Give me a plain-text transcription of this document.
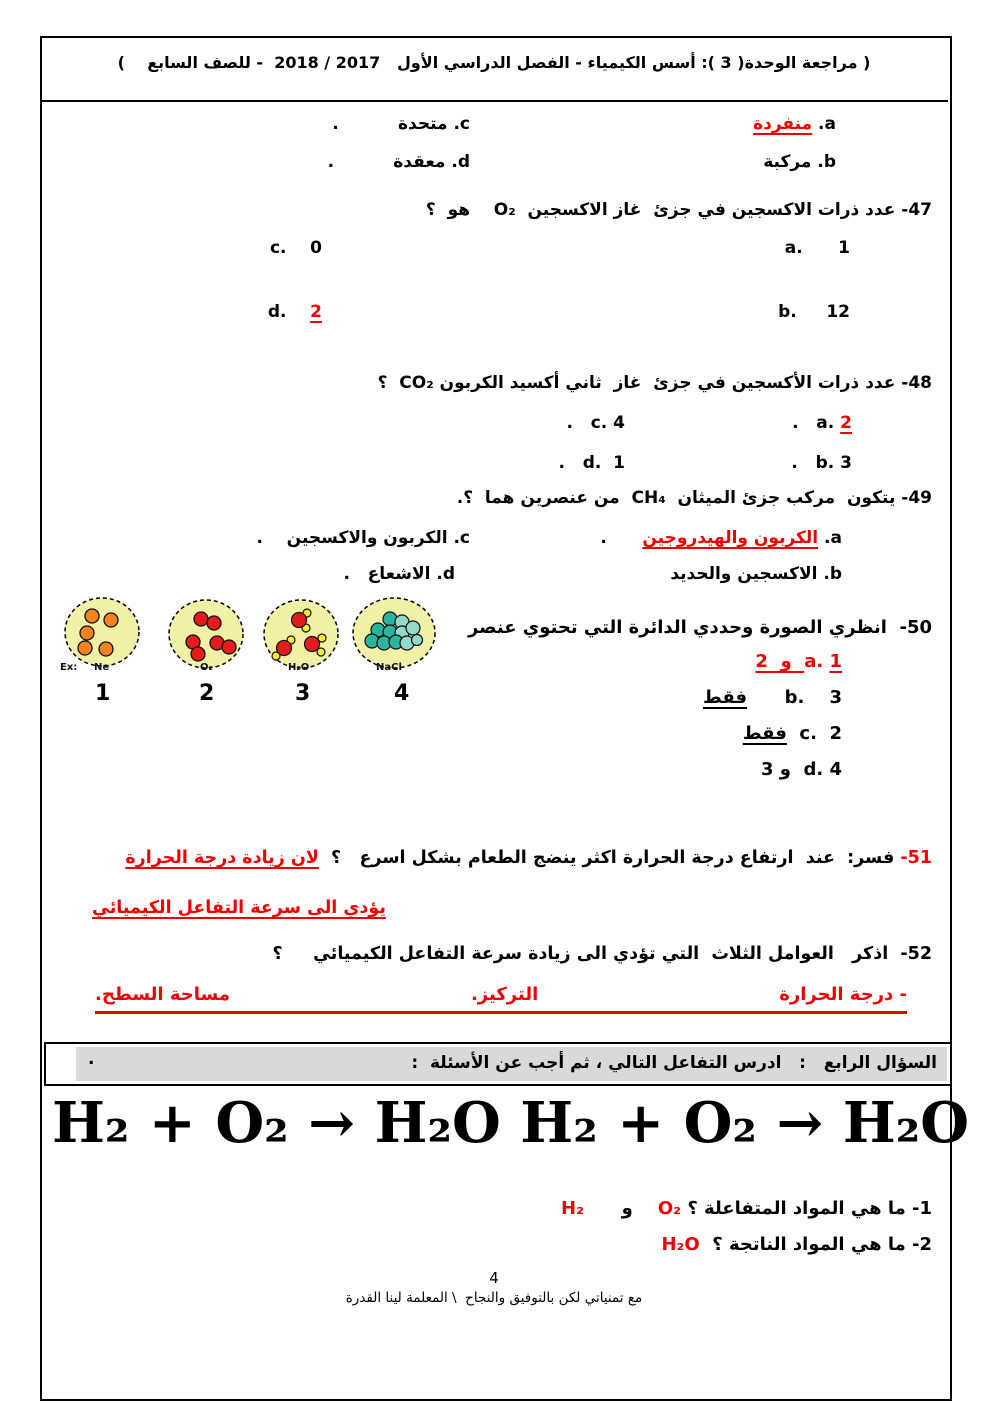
( مراجعة الوحدة( 3 ): أسس الكيمياء - الفصل الدراسي الأول   2017 / 2018  - للصف السابع    )
a. منفردة
c. متحدة          .
b. مركبة
d. معقدة          .
47- عدد ذرات الاكسجين في جزئ  غاز الاكسجين  O₂    هو  ؟
a.      1
c.    0
b.     12
d.    2
48- عدد ذرات الأكسجين في جزئ  غاز  ثاني أكسيد الكربون CO₂  ؟
a. 2   .
c. 4   .
b. 3   .
d.  1   .
49- يتكون  مركب جزئ الميثان  CH₄  من عنصرين هما  ؟.
a. الكربون والهيدروجين      .
c. الكربون والاكسجين    .
b. الاكسجين والحديد
d. الاشعاع   .
50-  انظري الصورة وحددي الدائرة التي تحتوي عنصر
a. 1  و  2
b.    3      فقط
c.  2  فقط
d. 4  و 3
Ex: Ne	O₂	H₂O	NaCl
1	2	3	4
51- فسر:  عند  ارتفاع درجة الحرارة اكثر ينضج الطعام بشكل اسرع   ؟  لان زيادة درجة الحرارة
يؤدي الى سرعة التفاعل الكيميائي
52-  اذكر   العوامل الثلاث  التي تؤدي الى زيادة سرعة التفاعل الكيميائي     ؟
- درجة الحرارة
التركيز.
مساحة السطح.
السؤال الرابع   :   ادرس التفاعل التالي ، ثم أجب عن الأسئلة  :
.
H₂ + O₂ → H₂O H₂ + O₂ → H₂O
1- ما هي المواد المتفاعلة ؟ O₂    و      H₂
2- ما هي المواد الناتجة ؟  H₂O
4
مع تمنياتي لكن بالتوفيق والنجاح  \ المعلمة لينا القدرة
